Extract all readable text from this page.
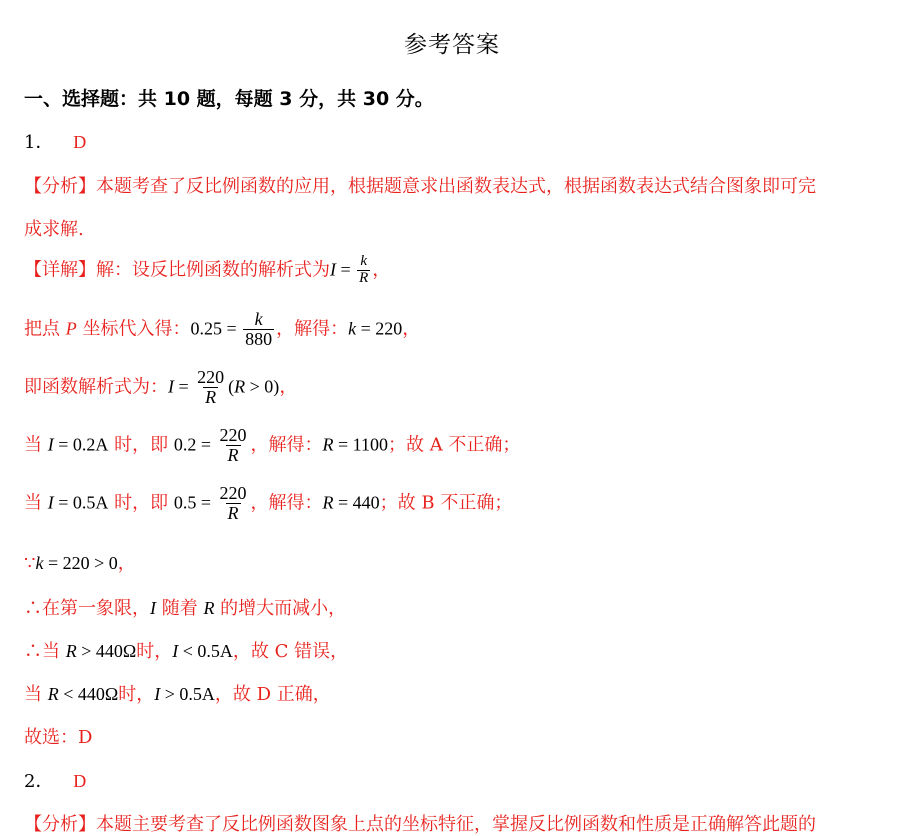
参考答案
一、选择题：共 10 题，每题 3 分，共 30 分。
1． D
【分析】本题考查了反比例函数的应用，根据题意求出函数表达式，根据函数表达式结合图象即可完
成求解.
【详解】解：设反比例函数的解析式为$I = \frac{k}{R}$ ，
把点 P 坐标代入得：$0.25 = \frac{k}{880}$ ，解得：k = 220，
即函数解析式为：$I = \frac{220}{R} (R > 0)$，
当 I = 0.2A 时，即 $0.2 = \frac{220}{R}$ ，解得：R = 1100；故 A 不正确；
当 I = 0.5A 时，即 $0.5 = \frac{220}{R}$ ，解得：R = 440；故 B 不正确；
∵k = 220 > 0，
∴在第一象限，I 随着 R 的增大而减小，
∴当 R > 440Ω时，I < 0.5A，故 C 错误，
当 R < 440Ω时，I > 0.5A，故 D 正确，
故选：D
2． D
【分析】本题主要考查了反比例函数图象上点的坐标特征，掌握反比例函数和性质是正确解答此题的
